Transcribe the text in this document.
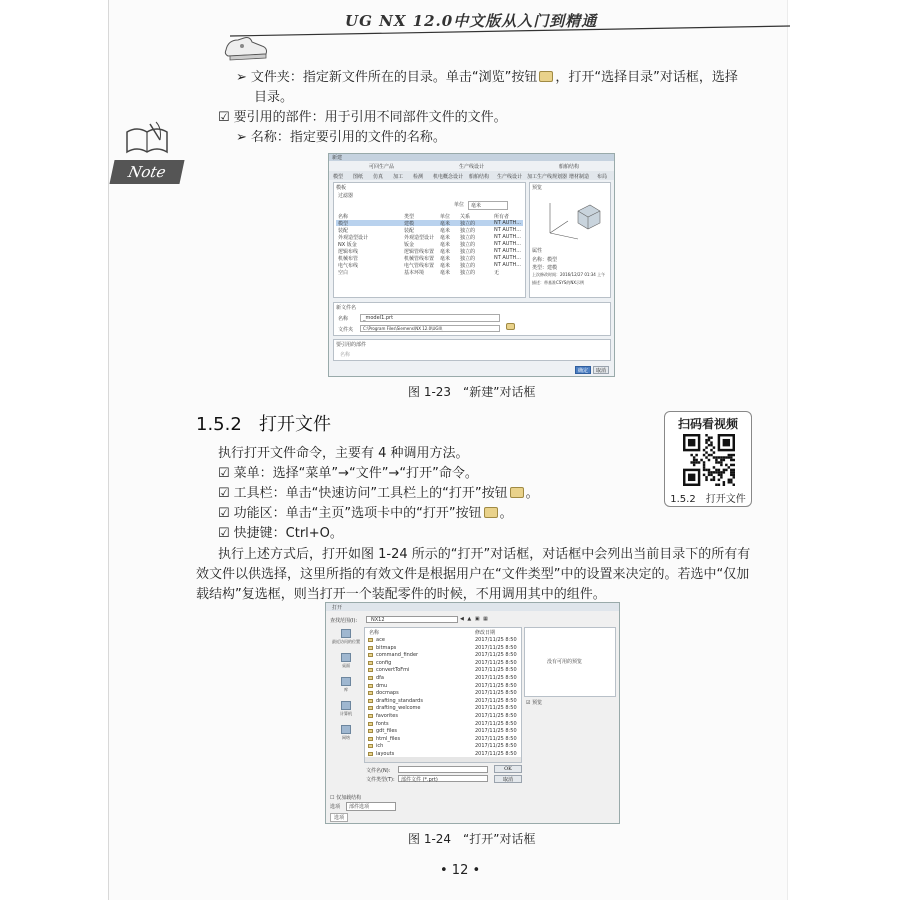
UG NX 12.0中文版从入门到精通
Note
➢ 文件夹：指定新文件所在的目录。单击“浏览”按钮 ，打开“选择目录”对话框，选择
目录。
☑ 要引用的部件：用于引用不同部件文件的文件。
➢ 名称：指定要引用的文件的名称。
新建
可回生产品	生产线设计	船舶结构
模型 图纸 仿真 加工 检测 机电概念设计 船舶结构 生产线设计 加工生产线规划器 增材制造 布局
模板
过滤器
单位	毫米
名称	类型	单位 关系	所有者
模型	建模	毫米 独立的	NT AUTH...
装配	装配	毫米 独立的	NT AUTH...
外观造型设计	外观造型设计 毫米 独立的	NT AUTH...
NX 钣金	钣金	毫米 独立的	NT AUTH...
逻辑布线	逻辑管线布置 毫米 独立的	NT AUTH...
机械布管	机械管线布置 毫米 独立的	NT AUTH...
电气布线	电气管线布置 毫米 独立的	NT AUTH...
空白	基本环境	毫米 独立的	无
预览
属性
名称：模型
类型：建模
上次修改时间：2016/12/27 01:34 上午
描述：带基准CSYS的NX示例
新文件名
名称	_model1.prt
文件夹	C:\Program Files\Siemens\NX 12.0\UGII\
要引用的部件
名称
确定	取消
图 1-23　“新建”对话框
1.5.2 打开文件	扫码看视频
1.5.2　打开文件
执行打开文件命令，主要有 4 种调用方法。
☑ 菜单：选择“菜单”→“文件”→“打开”命令。
☑ 工具栏：单击“快速访问”工具栏上的“打开”按钮 。
☑ 功能区：单击“主页”选项卡中的“打开”按钮 。
☑ 快捷键：Ctrl+O。
执行上述方式后，打开如图 1-24 所示的“打开”对话框，对话框中会列出当前目录下的所有有
效文件以供选择，这里所指的有效文件是根据用户在“文件类型”中的设置来决定的。若选中“仅加
载结构”复选框，则当打开一个装配零件的时候，不用调用其中的组件。
打开
查找范围(I):	NX12	◀ ▲ ▣ ▦
最近访问的位置
桌面
库
计算机
网络
名称	修改日期
ace	2017/11/25 8:50
bitmaps	2017/11/25 8:50
command_finder	2017/11/25 8:50
config	2017/11/25 8:50
convertToFmi	2017/11/25 8:50
dfa	2017/11/25 8:50
dmu	2017/11/25 8:50
docmaps	2017/11/25 8:50
drafting_standards	2017/11/25 8:50
drafting_welcome	2017/11/25 8:50
favorites	2017/11/25 8:50
fonts	2017/11/25 8:50
gdt_files	2017/11/25 8:50
html_files	2017/11/25 8:50
ich	2017/11/25 8:50
layouts	2017/11/25 8:50
没有可用的预览
☑ 预览
文件名(N):
文件类型(T):	部件文件 (*.prt)
OK
取消
☐ 仅加载结构
选项	部件选项
选项
图 1-24　“打开”对话框
• 12 •
